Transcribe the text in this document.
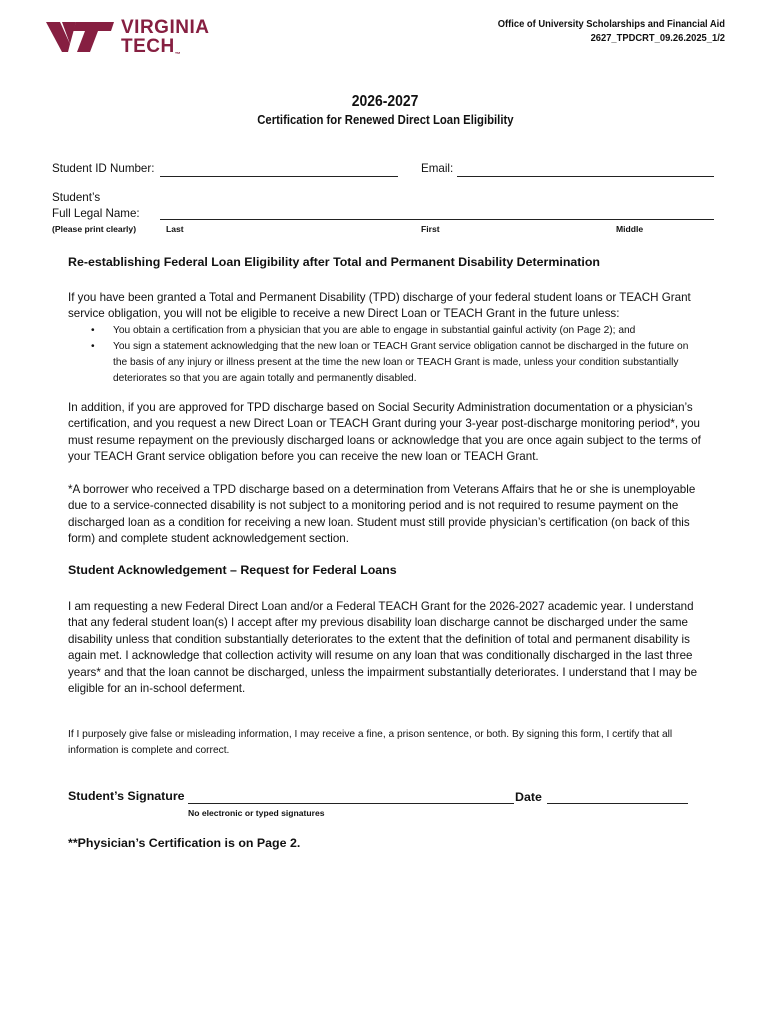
VIRGINIA
TECH™
Office of University Scholarships and Financial Aid
2627_TPDCRT_09.26.2025_1/2
2026-2027
Certification for Renewed Direct Loan Eligibility
Student ID Number:	Email:
Student’s
Full Legal Name:
(Please print clearly)	Last	First	Middle
Re-establishing Federal Loan Eligibility after Total and Permanent Disability Determination
If you have been granted a Total and Permanent Disability (TPD) discharge of your federal student loans or TEACH Grant service obligation, you will not be eligible to receive a new Direct Loan or TEACH Grant in the future unless:
• You obtain a certification from a physician that you are able to engage in substantial gainful activity (on Page 2); and
• You sign a statement acknowledging that the new loan or TEACH Grant service obligation cannot be discharged in the future on the basis of any injury or illness present at the time the new loan or TEACH Grant is made, unless your condition substantially deteriorates so that you are again totally and permanently disabled.
In addition, if you are approved for TPD discharge based on Social Security Administration documentation or a physician’s certification, and you request a new Direct Loan or TEACH Grant during your 3-year post-discharge monitoring period*, you must resume repayment on the previously discharged loans or acknowledge that you are once again subject to the terms of your TEACH Grant service obligation before you can receive the new loan or TEACH Grant.
*A borrower who received a TPD discharge based on a determination from Veterans Affairs that he or she is unemployable due to a service-connected disability is not subject to a monitoring period and is not required to resume payment on the discharged loan as a condition for receiving a new loan. Student must still provide physician’s certification (on back of this form) and complete student acknowledgement section.
Student Acknowledgement – Request for Federal Loans
I am requesting a new Federal Direct Loan and/or a Federal TEACH Grant for the 2026-2027 academic year. I understand that any federal student loan(s) I accept after my previous disability loan discharge cannot be discharged under the same disability unless that condition substantially deteriorates to the extent that the definition of total and permanent disability is again met. I acknowledge that collection activity will resume on any loan that was conditionally discharged in the last three years* and that the loan cannot be discharged, unless the impairment substantially deteriorates. I understand that I may be eligible for an in-school deferment.
If I purposely give false or misleading information, I may receive a fine, a prison sentence, or both. By signing this form, I certify that all information is complete and correct.
Student’s Signature	Date
No electronic or typed signatures
**Physician’s Certification is on Page 2.
